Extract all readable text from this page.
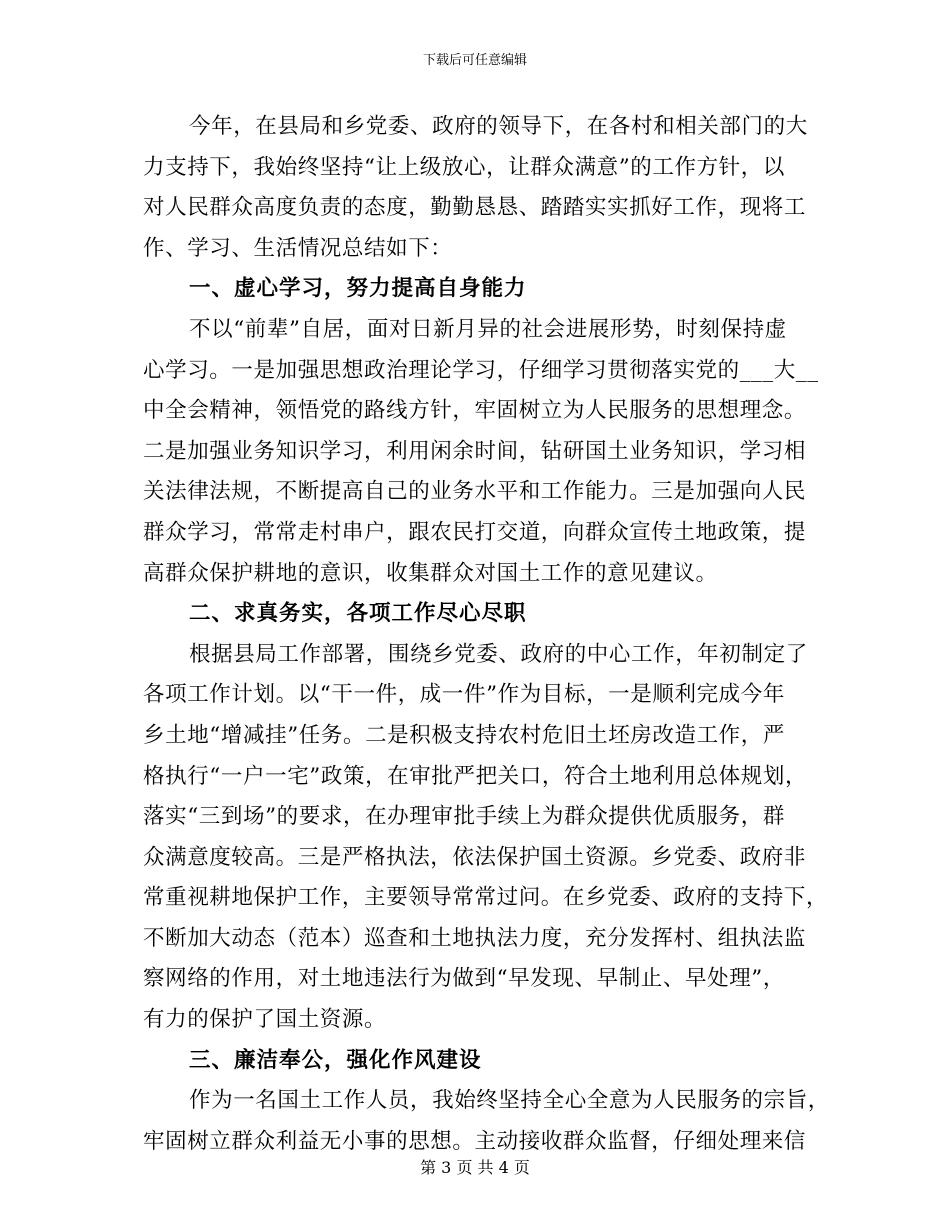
下载后可任意编辑
今年，在县局和乡党委、政府的领导下，在各村和相关部门的大
力支持下，我始终坚持“让上级放心，让群众满意”的工作方针，以
对人民群众高度负责的态度，勤勤恳恳、踏踏实实抓好工作，现将工
作、学习、生活情况总结如下：
一、虚心学习，努力提高自身能力
不以“前辈”自居，面对日新月异的社会进展形势，时刻保持虚
心学习。一是加强思想政治理论学习，仔细学习贯彻落实党的___大__
中全会精神，领悟党的路线方针，牢固树立为人民服务的思想理念。
二是加强业务知识学习，利用闲余时间，钻研国土业务知识，学习相
关法律法规，不断提高自己的业务水平和工作能力。三是加强向人民
群众学习，常常走村串户，跟农民打交道，向群众宣传土地政策，提
高群众保护耕地的意识，收集群众对国土工作的意见建议。
二、求真务实，各项工作尽心尽职
根据县局工作部署，围绕乡党委、政府的中心工作，年初制定了
各项工作计划。以“干一件，成一件”作为目标，一是顺利完成今年
乡土地“增减挂”任务。二是积极支持农村危旧土坯房改造工作，严
格执行“一户一宅”政策，在审批严把关口，符合土地利用总体规划，
落实“三到场”的要求，在办理审批手续上为群众提供优质服务，群
众满意度较高。三是严格执法，依法保护国土资源。乡党委、政府非
常重视耕地保护工作，主要领导常常过问。在乡党委、政府的支持下，
不断加大动态（范本）巡查和土地执法力度，充分发挥村、组执法监
察网络的作用，对土地违法行为做到“早发现、早制止、早处理”，
有力的保护了国土资源。
三、廉洁奉公，强化作风建设
作为一名国土工作人员，我始终坚持全心全意为人民服务的宗旨，
牢固树立群众利益无小事的思想。主动接收群众监督，仔细处理来信
第 3 页 共 4 页
